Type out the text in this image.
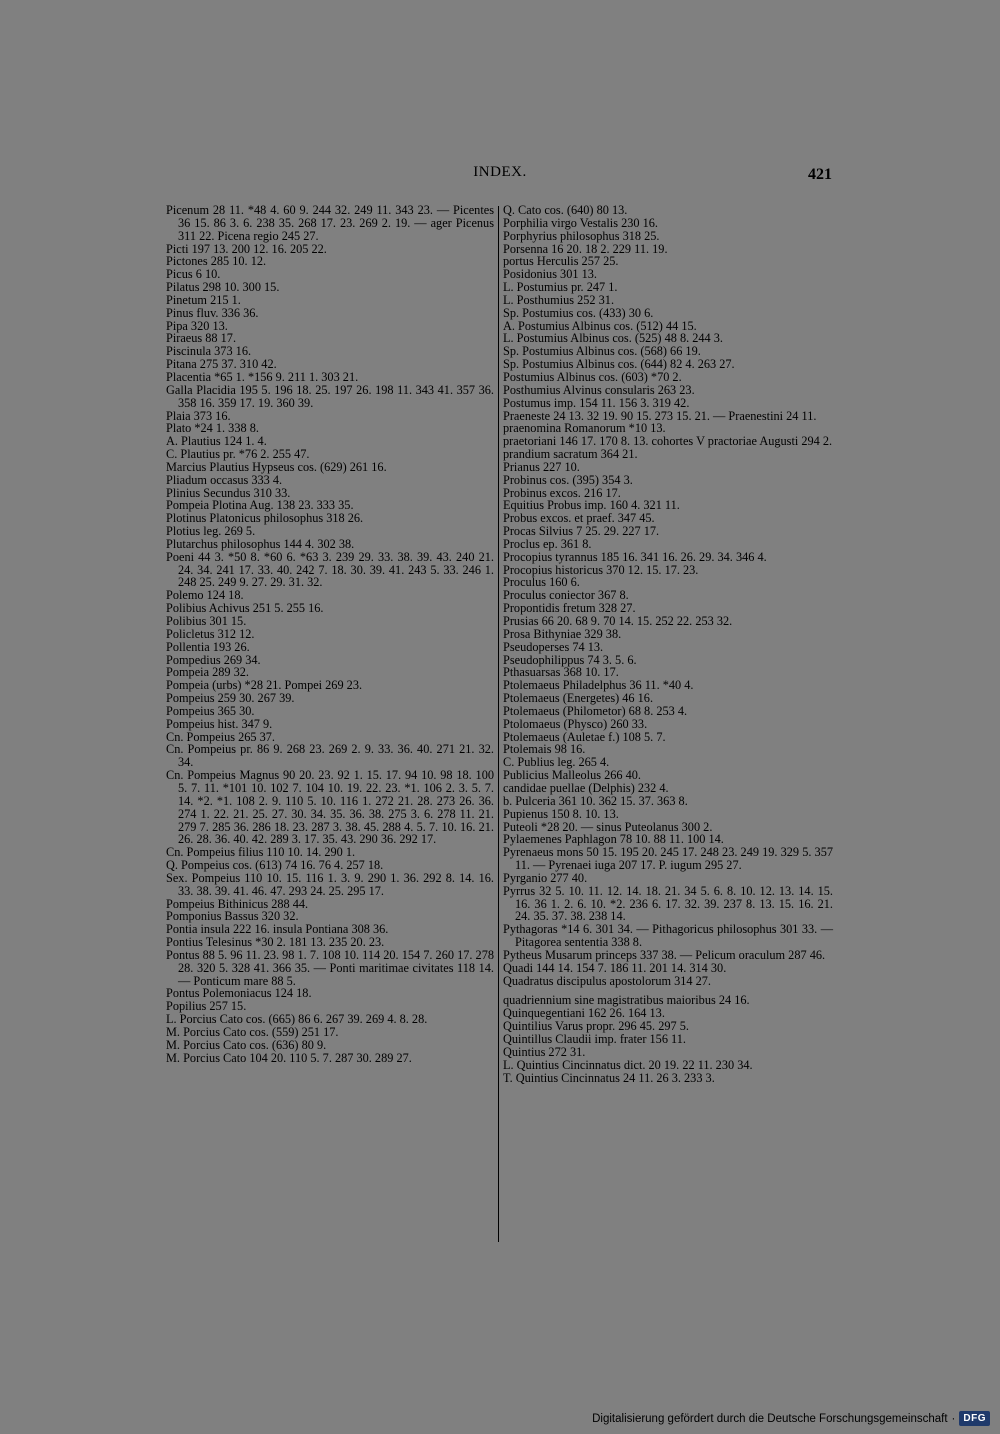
INDEX.	421
Picenum 28 11. *48 4. 60 9. 244 32. 249 11. 343 23. — Picentes 36 15. 86 3. 6. 238 35. 268 17. 23. 269 2. 19. — ager Picenus 311 22. Picena regio 245 27.
Picti 197 13. 200 12. 16. 205 22.
Pictones 285 10. 12.
Picus 6 10.
Pilatus 298 10. 300 15.
Pinetum 215 1.
Pinus fluv. 336 36.
Pipa 320 13.
Piraeus 88 17.
Piscinula 373 16.
Pitana 275 37. 310 42.
Placentia *65 1. *156 9. 211 1. 303 21.
Galla Placidia 195 5. 196 18. 25. 197 26. 198 11. 343 41. 357 36. 358 16. 359 17. 19. 360 39.
Plaia 373 16.
Plato *24 1. 338 8.
A. Plautius 124 1. 4.
C. Plautius pr. *76 2. 255 47.
Marcius Plautius Hypseus cos. (629) 261 16.
Pliadum occasus 333 4.
Plinius Secundus 310 33.
Pompeia Plotina Aug. 138 23. 333 35.
Plotinus Platonicus philosophus 318 26.
Plotius leg. 269 5.
Plutarchus philosophus 144 4. 302 38.
Poeni 44 3. *50 8. *60 6. *63 3. 239 29. 33. 38. 39. 43. 240 21. 24. 34. 241 17. 33. 40. 242 7. 18. 30. 39. 41. 243 5. 33. 246 1. 248 25. 249 9. 27. 29. 31. 32.
Polemo 124 18.
Polibius Achivus 251 5. 255 16.
Polibius 301 15.
Policletus 312 12.
Pollentia 193 26.
Pompedius 269 34.
Pompeia 289 32.
Pompeia (urbs) *28 21. Pompei 269 23.
Pompeius 259 30. 267 39.
Pompeius 365 30.
Pompeius hist. 347 9.
Cn. Pompeius 265 37.
Cn. Pompeius pr. 86 9. 268 23. 269 2. 9. 33. 36. 40. 271 21. 32. 34.
Cn. Pompeius Magnus 90 20. 23. 92 1. 15. 17. 94 10. 98 18. 100 5. 7. 11. *101 10. 102 7. 104 10. 19. 22. 23. *1. 106 2. 3. 5. 7. 14. *2. *1. 108 2. 9. 110 5. 10. 116 1. 272 21. 28. 273 26. 36. 274 1. 22. 21. 25. 27. 30. 34. 35. 36. 38. 275 3. 6. 278 11. 21. 279 7. 285 36. 286 18. 23. 287 3. 38. 45. 288 4. 5. 7. 10. 16. 21. 26. 28. 36. 40. 42. 289 3. 17. 35. 43. 290 36. 292 17.
Cn. Pompeius filius 110 10. 14. 290 1.
Q. Pompeius cos. (613) 74 16. 76 4. 257 18.
Sex. Pompeius 110 10. 15. 116 1. 3. 9. 290 1. 36. 292 8. 14. 16. 33. 38. 39. 41. 46. 47. 293 24. 25. 295 17.
Pompeius Bithinicus 288 44.
Pomponius Bassus 320 32.
Pontia insula 222 16. insula Pontiana 308 36.
Pontius Telesinus *30 2. 181 13. 235 20. 23.
Pontus 88 5. 96 11. 23. 98 1. 7. 108 10. 114 20. 154 7. 260 17. 278 28. 320 5. 328 41. 366 35. — Ponti maritimae civitates 118 14. — Ponticum mare 88 5.
Pontus Polemoniacus 124 18.
Popilius 257 15.
L. Porcius Cato cos. (665) 86 6. 267 39. 269 4. 8. 28.
M. Porcius Cato cos. (559) 251 17.
M. Porcius Cato cos. (636) 80 9.
M. Porcius Cato 104 20. 110 5. 7. 287 30. 289 27.
Q. Cato cos. (640) 80 13.
Porphilia virgo Vestalis 230 16.
Porphyrius philosophus 318 25.
Porsenna 16 20. 18 2. 229 11. 19.
portus Herculis 257 25.
Posidonius 301 13.
L. Postumius pr. 247 1.
L. Posthumius 252 31.
Sp. Postumius cos. (433) 30 6.
A. Postumius Albinus cos. (512) 44 15.
L. Postumius Albinus cos. (525) 48 8. 244 3.
Sp. Postumius Albinus cos. (568) 66 19.
Sp. Postumius Albinus cos. (644) 82 4. 263 27.
Postumius Albinus cos. (603) *70 2.
Posthumius Alvinus consularis 263 23.
Postumus imp. 154 11. 156 3. 319 42.
Praeneste 24 13. 32 19. 90 15. 273 15. 21. — Praenestini 24 11.
praenomina Romanorum *10 13.
praetoriani 146 17. 170 8. 13. cohortes V practoriae Augusti 294 2.
prandium sacratum 364 21.
Prianus 227 10.
Probinus cos. (395) 354 3.
Probinus excos. 216 17.
Equitius Probus imp. 160 4. 321 11.
Probus excos. et praef. 347 45.
Procas Silvius 7 25. 29. 227 17.
Proclus ep. 361 8.
Procopius tyrannus 185 16. 341 16. 26. 29. 34. 346 4.
Procopius historicus 370 12. 15. 17. 23.
Proculus 160 6.
Proculus coniector 367 8.
Propontidis fretum 328 27.
Prusias 66 20. 68 9. 70 14. 15. 252 22. 253 32.
Prosa Bithyniae 329 38.
Pseudoperses 74 13.
Pseudophilippus 74 3. 5. 6.
Pthasuarsas 368 10. 17.
Ptolemaeus Philadelphus 36 11. *40 4.
Ptolemaeus (Energetes) 46 16.
Ptolemaeus (Philometor) 68 8. 253 4.
Ptolomaeus (Physco) 260 33.
Ptolemaeus (Auletae f.) 108 5. 7.
Ptolemais 98 16.
C. Publius leg. 265 4.
Publicius Malleolus 266 40.
candidae puellae (Delphis) 232 4.
b. Pulceria 361 10. 362 15. 37. 363 8.
Pupienus 150 8. 10. 13.
Puteoli *28 20. — sinus Puteolanus 300 2.
Pylaemenes Paphlagon 78 10. 88 11. 100 14.
Pyrenaeus mons 50 15. 195 20. 245 17. 248 23. 249 19. 329 5. 357 11. — Pyrenaei iuga 207 17. P. iugum 295 27.
Pyrganio 277 40.
Pyrrus 32 5. 10. 11. 12. 14. 18. 21. 34 5. 6. 8. 10. 12. 13. 14. 15. 16. 36 1. 2. 6. 10. *2. 236 6. 17. 32. 39. 237 8. 13. 15. 16. 21. 24. 35. 37. 38. 238 14.
Pythagoras *14 6. 301 34. — Pithagoricus philosophus 301 33. — Pitagorea sententia 338 8.
Pytheus Musarum princeps 337 38. — Pelicum oraculum 287 46.
Quadi 144 14. 154 7. 186 11. 201 14. 314 30.
Quadratus discipulus apostolorum 314 27.
quadriennium sine magistratibus maioribus 24 16.
Quinquegentiani 162 26. 164 13.
Quintilius Varus propr. 296 45. 297 5.
Quintillus Claudii imp. frater 156 11.
Quintius 272 31.
L. Quintius Cincinnatus dict. 20 19. 22 11. 230 34.
T. Quintius Cincinnatus 24 11. 26 3. 233 3.
Digitalisierung gefördert durch die Deutsche Forschungsgemeinschaft · DFG
